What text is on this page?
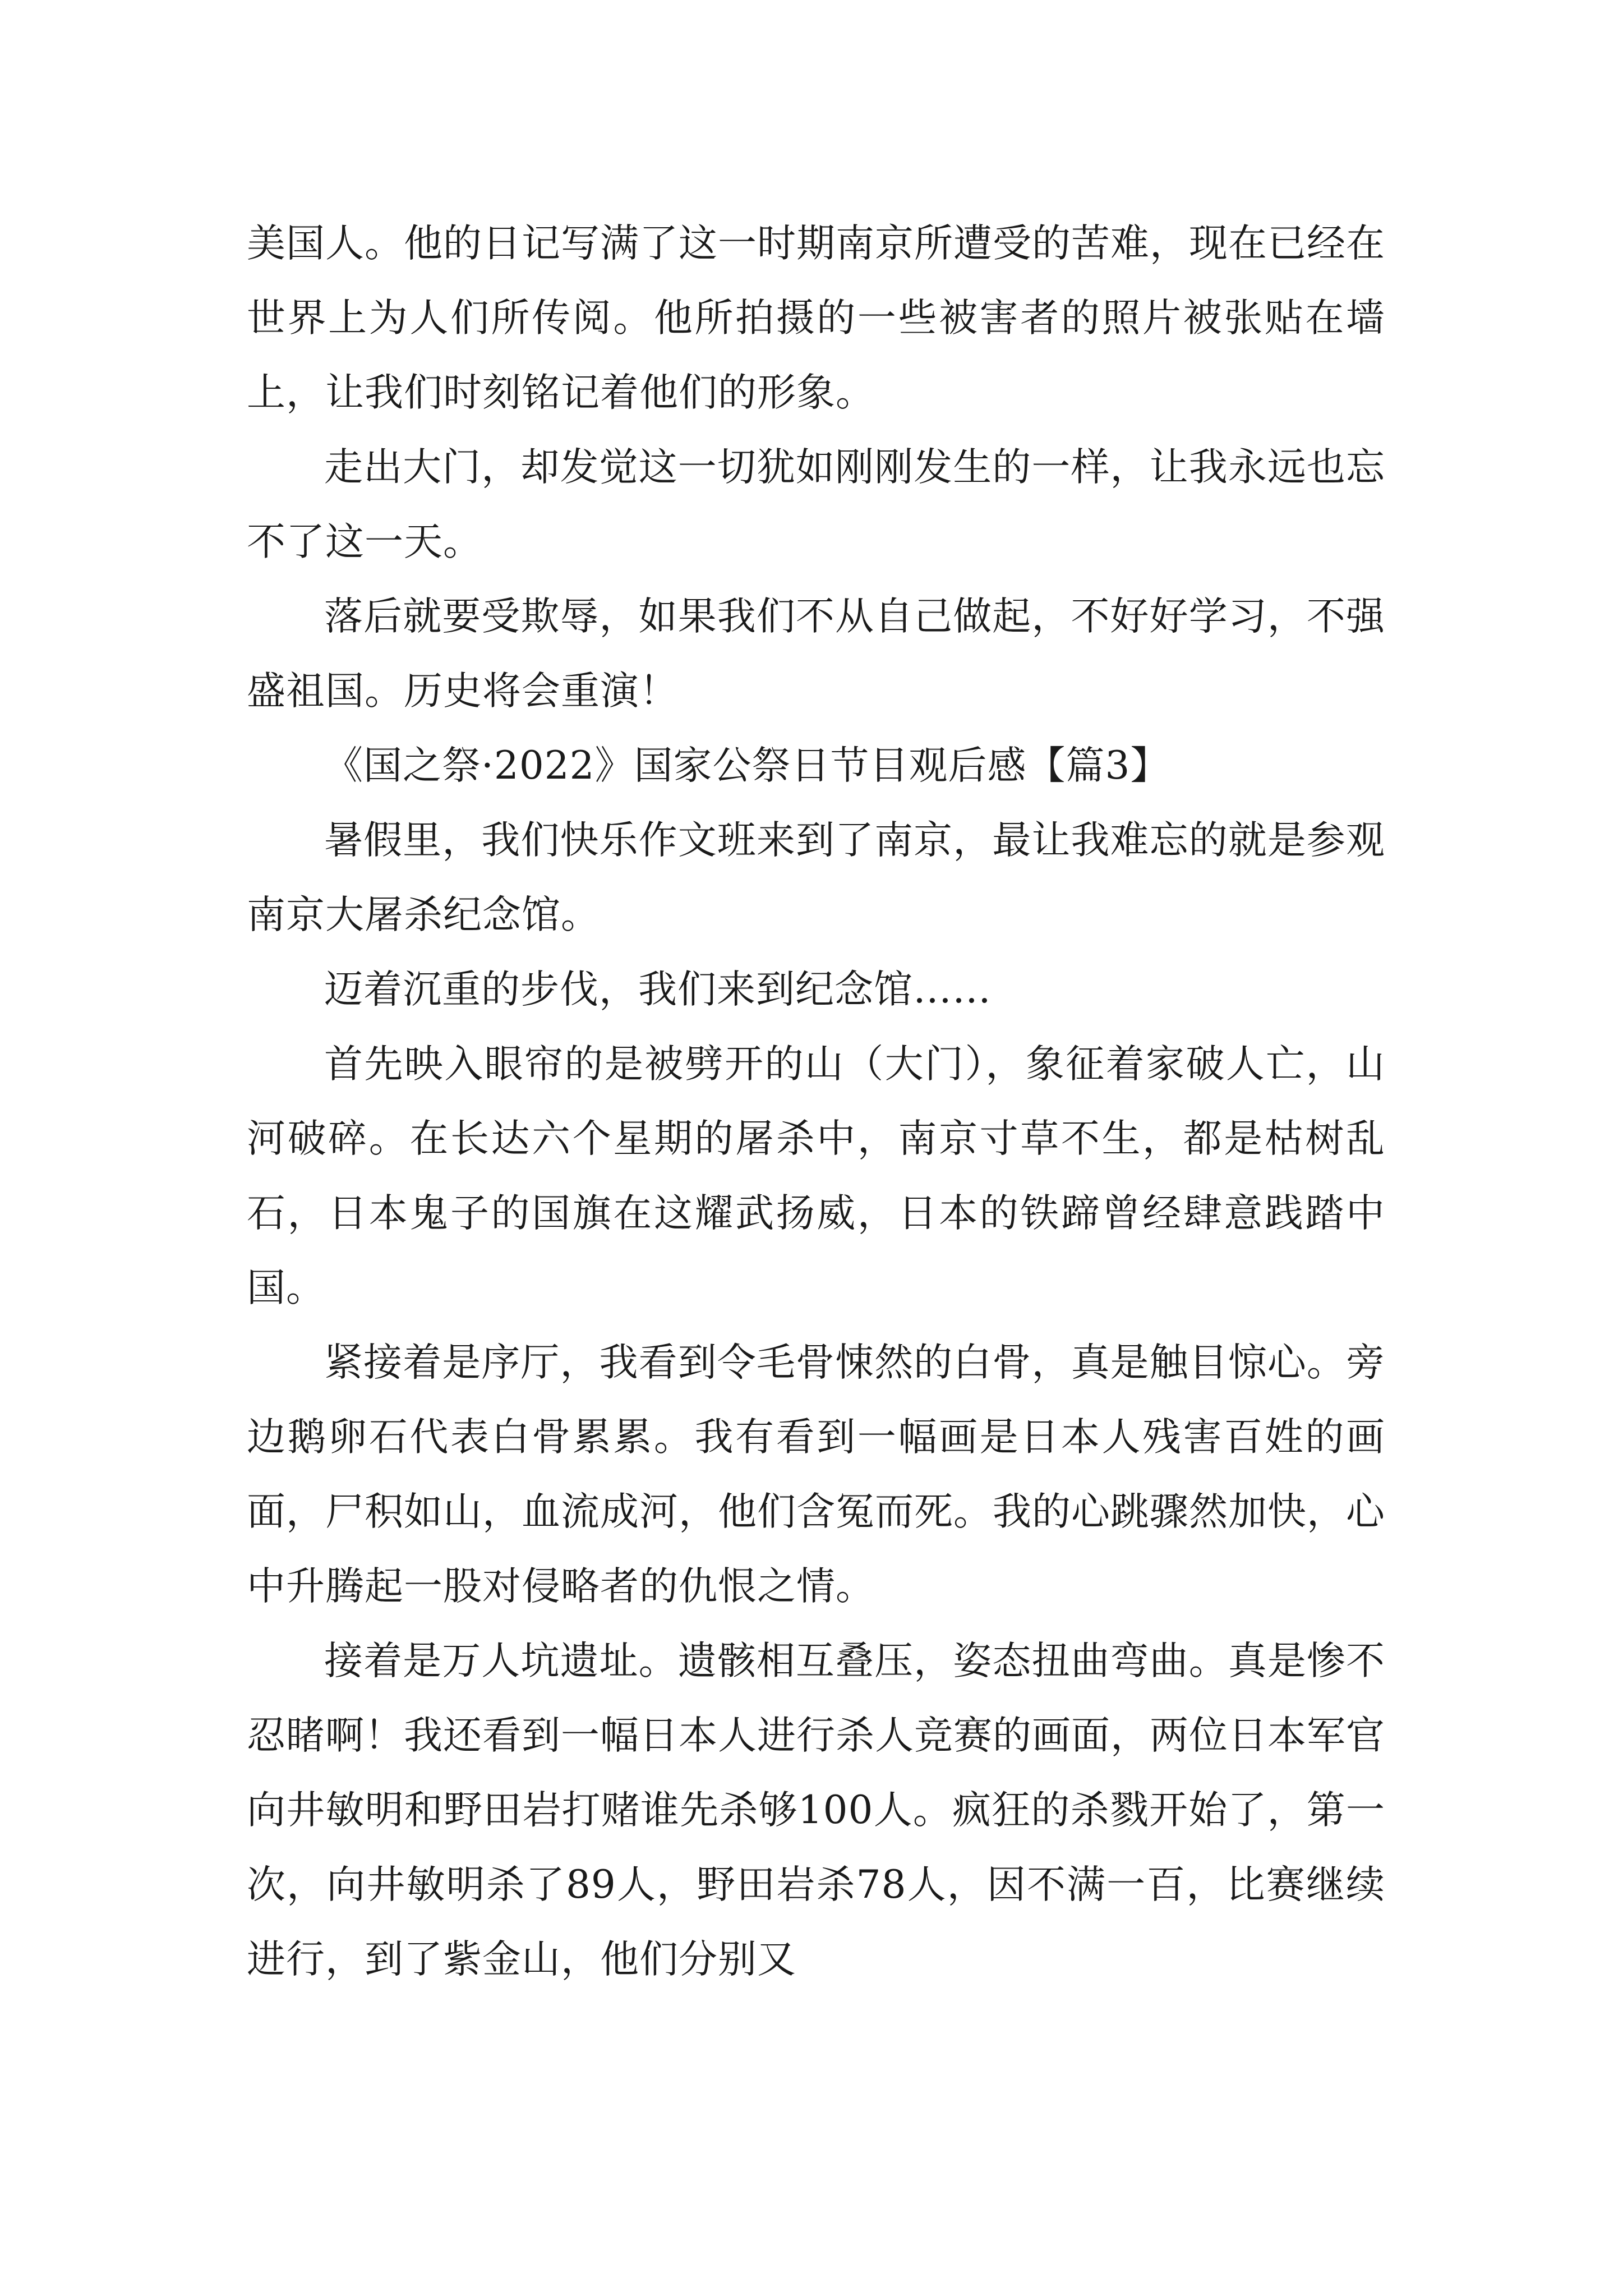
美国人。他的日记写满了这一时期南京所遭受的苦难，现在已经在世界上为人们所传阅。他所拍摄的一些被害者的照片被张贴在墙上，让我们时刻铭记着他们的形象。

走出大门，却发觉这一切犹如刚刚发生的一样，让我永远也忘不了这一天。

落后就要受欺辱，如果我们不从自己做起，不好好学习，不强盛祖国。历史将会重演！

《国之祭·2022》国家公祭日节目观后感【篇3】

暑假里，我们快乐作文班来到了南京，最让我难忘的就是参观南京大屠杀纪念馆。

迈着沉重的步伐，我们来到纪念馆……

首先映入眼帘的是被劈开的山（大门），象征着家破人亡，山河破碎。在长达六个星期的屠杀中，南京寸草不生，都是枯树乱石，日本鬼子的国旗在这耀武扬威，日本的铁蹄曾经肆意践踏中国。

紧接着是序厅，我看到令毛骨悚然的白骨，真是触目惊心。旁边鹅卵石代表白骨累累。我有看到一幅画是日本人残害百姓的画面，尸积如山，血流成河，他们含冤而死。我的心跳骤然加快，心中升腾起一股对侵略者的仇恨之情。

接着是万人坑遗址。遗骸相互叠压，姿态扭曲弯曲。真是惨不忍睹啊！我还看到一幅日本人进行杀人竞赛的画面，两位日本军官向井敏明和野田岩打赌谁先杀够100人。疯狂的杀戮开始了，第一次，向井敏明杀了89人，野田岩杀78人，因不满一百，比赛继续进行，到了紫金山，他们分别又
